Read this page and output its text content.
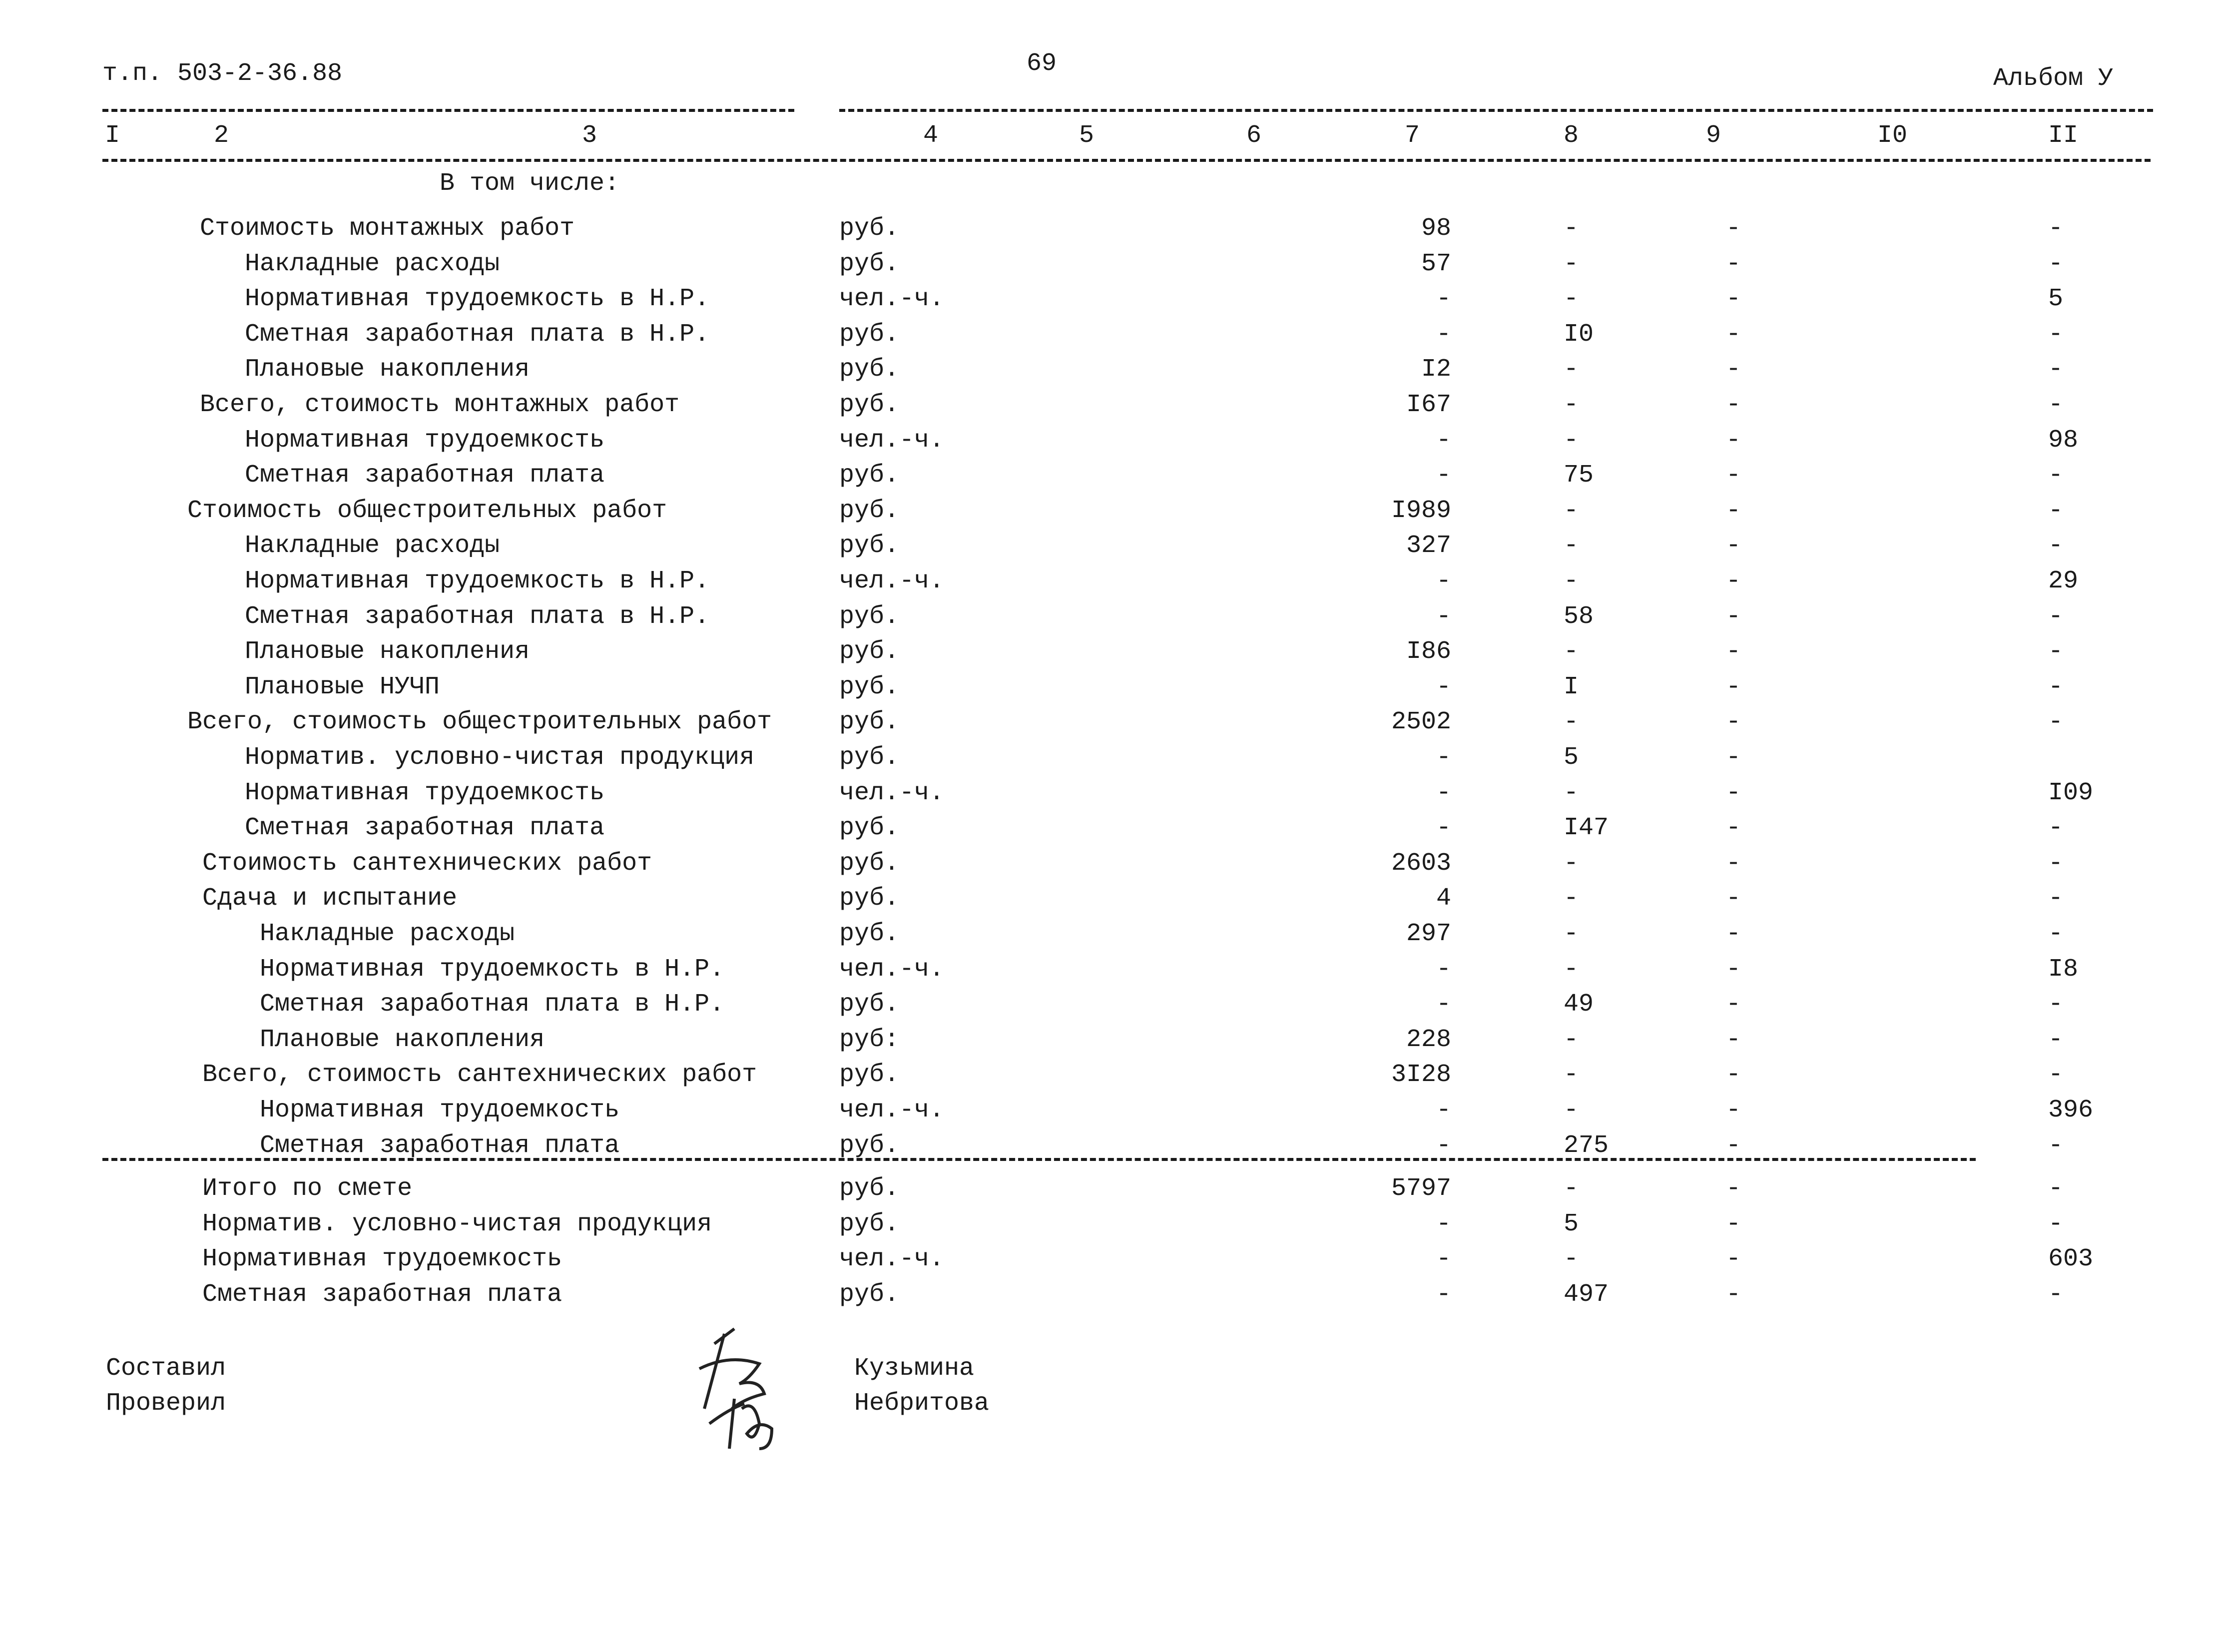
т.п. 503-2-36.88	69
Альбом У
I	2	3	4	5	6	7	8	9	I0	II
В том числе:
Стоимость монтажных работ	руб.	98	-	-	-
Накладные расходы	руб.	57	-	-	-
Нормативная трудоемкость в Н.Р.	чел.-ч.	-	-	-	5
Сметная заработная плата в Н.Р.	руб.	-	I0	-	-
Плановые накопления	руб.	I2	-	-	-
Всего, стоимость монтажных работ	руб.	I67	-	-	-
Нормативная трудоемкость	чел.-ч.	-	-	-	98
Сметная заработная плата	руб.	-	75	-	-
Стоимость общестроительных работ	руб.	I989	-	-	-
Накладные расходы	руб.	327	-	-	-
Нормативная трудоемкость в Н.Р.	чел.-ч.	-	-	-	29
Сметная заработная плата в Н.Р.	руб.	-	58	-	-
Плановые накопления	руб.	I86	-	-	-
Плановые НУЧП	руб.	-	I	-	-
Всего, стоимость общестроительных работ	руб.	2502	-	-	-
Норматив. условно-чистая продукция	руб.	-	5	-
Нормативная трудоемкость	чел.-ч.	-	-	-	I09
Сметная заработная плата	руб.	-	I47	-	-
Стоимость сантехнических работ	руб.	2603	-	-	-
Сдача и испытание	руб.	4	-	-	-
Накладные расходы	руб.	297	-	-	-
Нормативная трудоемкость в Н.Р.	чел.-ч.	-	-	-	I8
Сметная заработная плата в Н.Р.	руб.	-	49	-	-
Плановые накопления	руб:	228	-	-	-
Всего, стоимость сантехнических работ	руб.	3I28	-	-	-
Нормативная трудоемкость	чел.-ч.	-	-	-	396
Сметная заработная плата	руб.	-	275	-	-
Итого по смете	руб.	5797	-	-	-
Норматив. условно-чистая продукция	руб.	-	5	-	-
Нормативная трудоемкость	чел.-ч.	-	-	-	603
Сметная заработная плата	руб.	-	497	-	-
Составил
Проверил
Кузьмина
Небритова
